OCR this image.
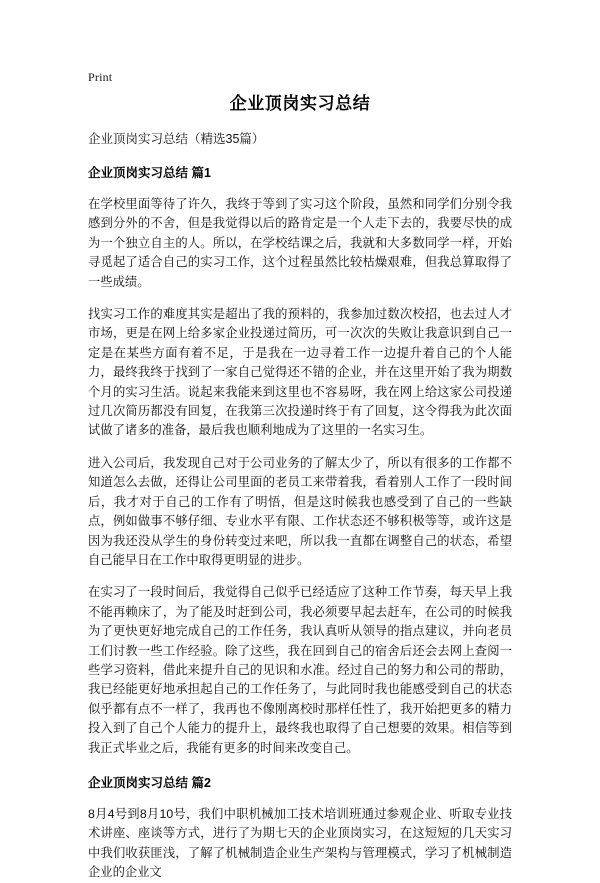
Print
企业顶岗实习总结

企业顶岗实习总结（精选35篇）

企业顶岗实习总结 篇1

在学校里面等待了许久，我终于等到了实习这个阶段，虽然和同学们分别令我感到分外的不舍，但是我觉得以后的路肯定是一个人走下去的，我要尽快的成为一个独立自主的人。所以，在学校结课之后，我就和大多数同学一样，开始寻觅起了适合自己的实习工作，这个过程虽然比较枯燥艰难，但我总算取得了一些成绩。

找实习工作的难度其实是超出了我的预料的，我参加过数次校招，也去过人才市场，更是在网上给多家企业投递过简历，可一次次的失败让我意识到自己一定是在某些方面有着不足，于是我在一边寻着工作一边提升着自己的个人能力，最终我终于找到了一家自己觉得还不错的企业，并在这里开始了我为期数个月的实习生活。说起来我能来到这里也不容易呀，我在网上给这家公司投递过几次简历都没有回复，在我第三次投递时终于有了回复，这令得我为此次面试做了诸多的准备，最后我也顺利地成为了这里的一名实习生。

进入公司后，我发现自己对于公司业务的了解太少了，所以有很多的工作都不知道怎么去做，还得让公司里面的老员工来带着我，看着别人工作了一段时间后，我才对于自己的工作有了明悟，但是这时候我也感受到了自己的一些缺点，例如做事不够仔细、专业水平有限、工作状态还不够积极等等，或许这是因为我还没从学生的身份转变过来吧，所以我一直都在调整自己的状态，希望自己能早日在工作中取得更明显的进步。

在实习了一段时间后，我觉得自己似乎已经适应了这种工作节奏，每天早上我不能再赖床了，为了能及时赶到公司，我必须要早起去赶车，在公司的时候我为了更快更好地完成自己的工作任务，我认真听从领导的指点建议，并向老员工们讨教一些工作经验。除了这些，我在回到自己的宿舍后还会去网上查阅一些学习资料，借此来提升自己的见识和水准。经过自己的努力和公司的帮助，我已经能更好地承担起自己的工作任务了，与此同时我也能感受到自己的状态似乎都有点不一样了，我再也不像刚离校时那样任性了，我开始把更多的精力投入到了自己个人能力的提升上，最终我也取得了自己想要的效果。相信等到我正式毕业之后，我能有更多的时间来改变自己。

企业顶岗实习总结 篇2

8月4号到8月10号，我们中职机械加工技术培训班通过参观企业、听取专业技术讲座、座谈等方式，进行了为期七天的企业顶岗实习，在这短短的几天实习中我们收获匪浅，了解了机械制造企业生产架构与管理模式，学习了机械制造企业的企业文
